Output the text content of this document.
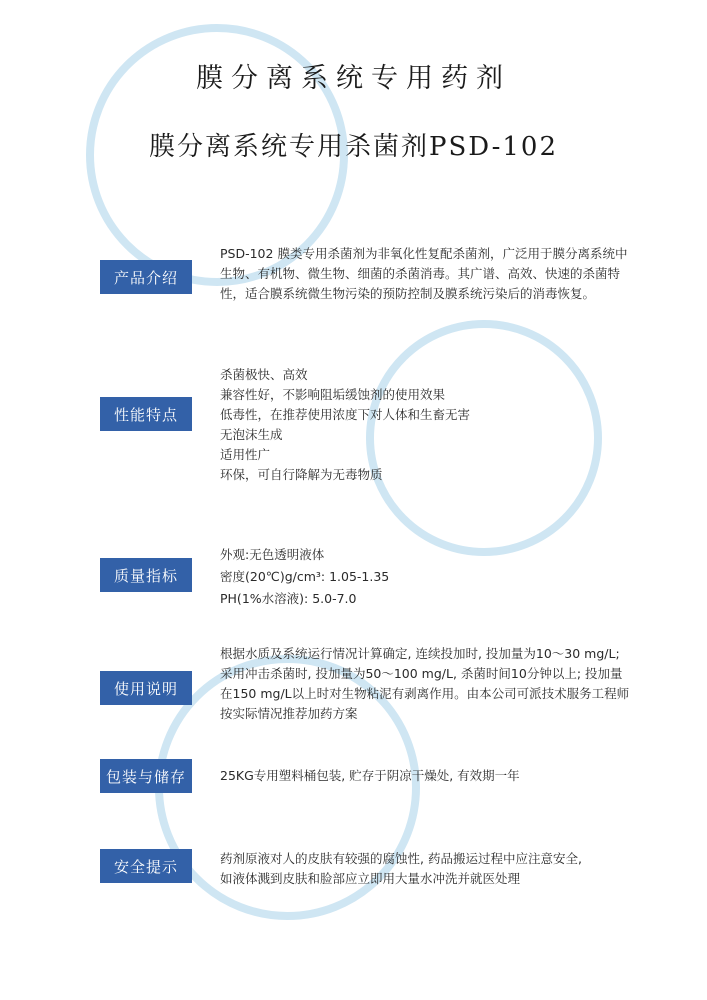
膜分离系统专用药剂
膜分离系统专用杀菌剂PSD-102
产品介绍

PSD-102 膜类专用杀菌剂为非氧化性复配杀菌剂，广泛用于膜分离系统中

生物、有机物、微生物、细菌的杀菌消毒。其广谱、高效、快速的杀菌特

性，适合膜系统微生物污染的预防控制及膜系统污染后的消毒恢复。

性能特点

杀菌极快、高效

兼容性好，不影响阻垢缓蚀剂的使用效果

低毒性，在推荐使用浓度下对人体和生畜无害

无泡沫生成

适用性广

环保，可自行降解为无毒物质

质量指标

外观:无色透明液体

密度(20℃)g/cm³: 1.05-1.35

PH(1%水溶液): 5.0-7.0

使用说明

根据水质及系统运行情况计算确定, 连续投加时, 投加量为10～30 mg/L;

采用冲击杀菌时, 投加量为50～100 mg/L, 杀菌时间10分钟以上; 投加量

在150 mg/L以上时对生物粘泥有剥离作用。由本公司可派技术服务工程师

按实际情况推荐加药方案

包装与储存	25KG专用塑料桶包装, 贮存于阴凉干燥处, 有效期一年

安全提示	药剂原液对人的皮肤有较强的腐蚀性, 药品搬运过程中应注意安全,

如液体溅到皮肤和脸部应立即用大量水冲洗并就医处理
